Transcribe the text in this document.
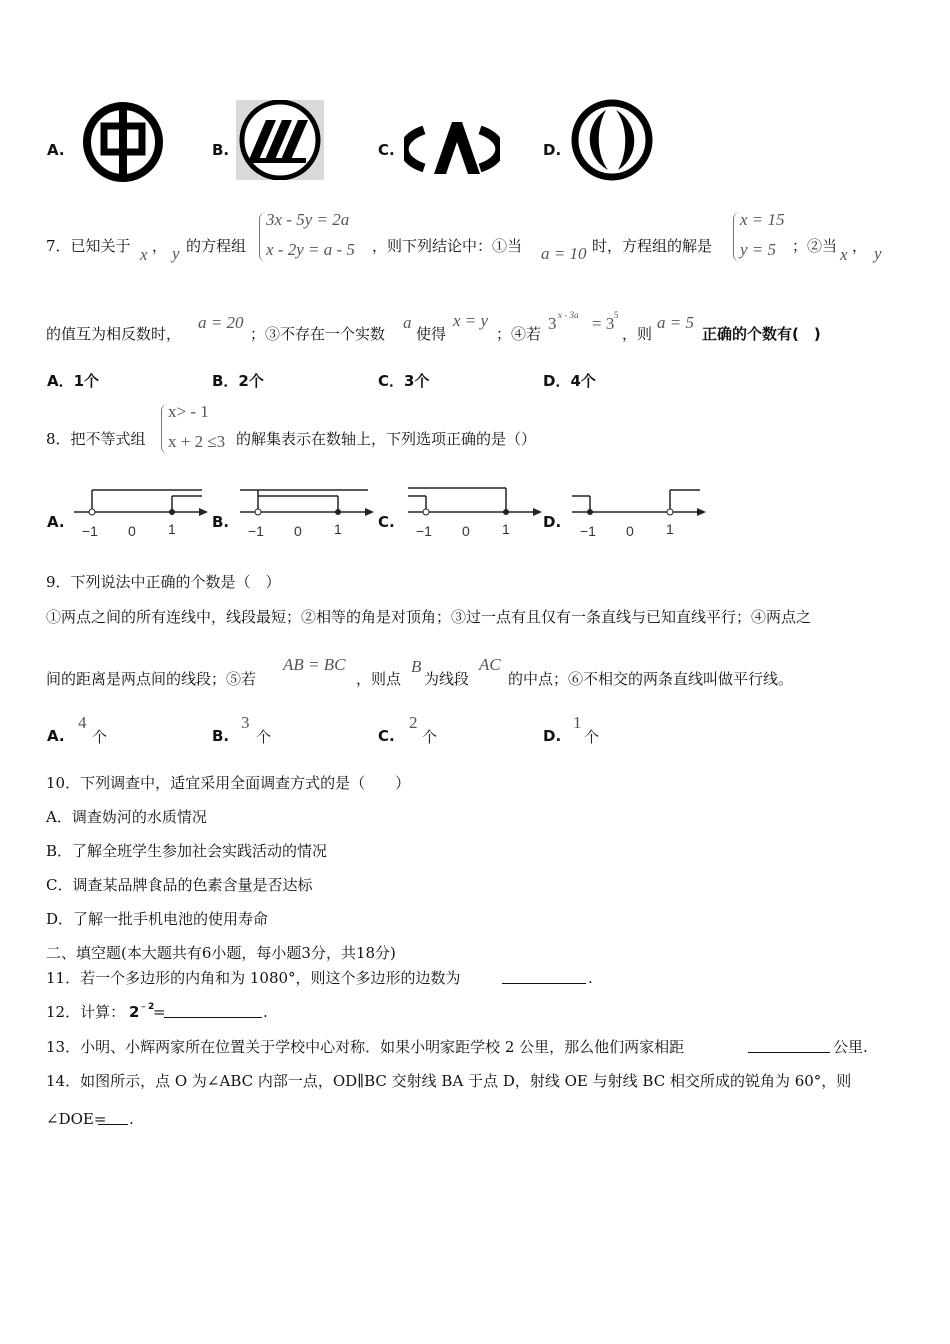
A.	B.	C.	D.
7．已知关于 x ， y 的方程组
3x - 5y = 2a
x - 2y = a - 5 ，则下列结论中：①当 a = 10 时，方程组的解是
x = 15
y = 5 ；②当 x ， y
的值互为相反数时，
a = 20
；③不存在一个实数
a
使得
x = y
；④若
3 x - 3a = 3 5
，则
a = 5
正确的个数有(　)
A．1个	B．2个	C．3个	D．4个
8．把不等式组
x> - 1
x + 2 ≤3 的解集表示在数轴上，下列选项正确的是（）
A. −1 0 1 B. −1 0 1 C. −1 0 1 D. −1 0 1
9．下列说法中正确的个数是（　）
①两点之间的所有连线中，线段最短；②相等的角是对顶角；③过一点有且仅有一条直线与已知直线平行；④两点之
间的距离是两点间的线段；⑤若
AB = BC
，则点
B
为线段
AC
的中点；⑥不相交的两条直线叫做平行线。
A.
4
个	B.
3
个	C.
2
个	D.
1
个
10．下列调查中，适宜采用全面调查方式的是（　　）
A．调查妫河的水质情况
B．了解全班学生参加社会实践活动的情况
C．调查某品牌食品的色素含量是否达标
D．了解一批手机电池的使用寿命
二、填空题(本大题共有6小题，每小题3分，共18分)
11．若一个多边形的内角和为 1080°，则这个多边形的边数为	.
12．计算： 2 ﹣2
=	.
13．小明、小辉两家所在位置关于学校中心对称．如果小明家距学校 2 公里，那么他们两家相距	公里.
14．如图所示，点 O 为∠ABC 内部一点，OD∥BC 交射线 BA 于点 D，射线 OE 与射线 BC 相交所成的锐角为 60°，则
∠DOE= .
